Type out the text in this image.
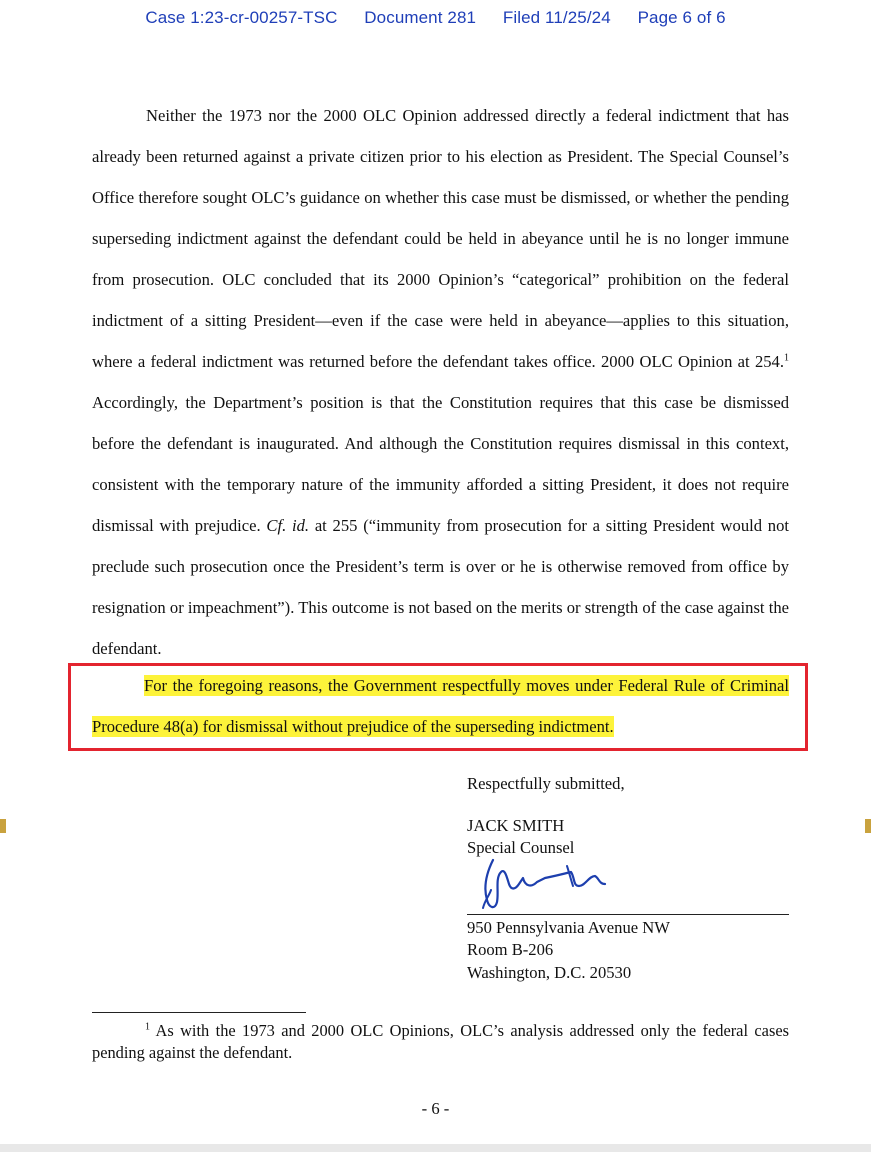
Case 1:23-cr-00257-TSC Document 281 Filed 11/25/24 Page 6 of 6

Neither the 1973 nor the 2000 OLC Opinion addressed directly a federal indictment that has already been returned against a private citizen prior to his election as President. The Special Counsel’s Office therefore sought OLC’s guidance on whether this case must be dismissed, or whether the pending superseding indictment against the defendant could be held in abeyance until he is no longer immune from prosecution. OLC concluded that its 2000 Opinion’s “categorical” prohibition on the federal indictment of a sitting President—even if the case were held in abeyance—applies to this situation, where a federal indictment was returned before the defendant takes office. 2000 OLC Opinion at 254.$^1$ Accordingly, the Department’s position is that the Constitution requires that this case be dismissed before the defendant is inaugurated. And although the Constitution requires dismissal in this context, consistent with the temporary nature of the immunity afforded a sitting President, it does not require dismissal with prejudice. Cf. id. at 255 (“immunity from prosecution for a sitting President would not preclude such prosecution once the President’s term is over or he is otherwise removed from office by resignation or impeachment”). This outcome is not based on the merits or strength of the case against the defendant.

For the foregoing reasons, the Government respectfully moves under Federal Rule of Criminal Procedure 48(a) for dismissal without prejudice of the superseding indictment.

Respectfully submitted,
JACK SMITH
Special Counsel
950 Pennsylvania Avenue NW
Room B-206
Washington, D.C. 20530

$^1$ As with the 1973 and 2000 OLC Opinions, OLC’s analysis addressed only the federal cases pending against the defendant.

- 6 -
